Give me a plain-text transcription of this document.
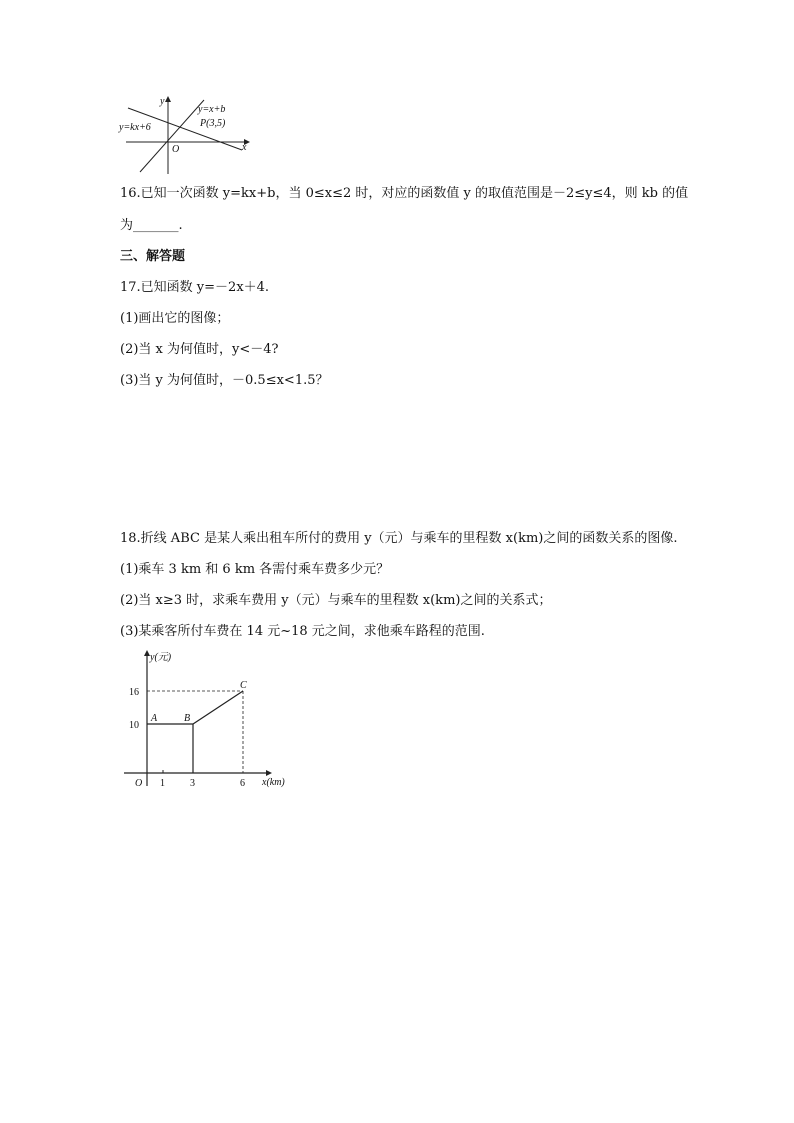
y
x
O
y=kx+6
y=x+b
P(3,5)
16.已知一次函数 y=kx+b，当 0≤x≤2 时，对应的函数值 y 的取值范围是－2≤y≤4，则 kb 的值
为_______.
三、解答题
17.已知函数 y=－2x＋4.
(1)画出它的图像；
(2)当 x 为何值时，y<－4?
(3)当 y 为何值时，－0.5≤x<1.5？
18.折线 ABC 是某人乘出租车所付的费用 y（元）与乘车的里程数 x(km)之间的函数关系的图像.
(1)乘车 3 km 和 6 km 各需付乘车费多少元？
(2)当 x≥3 时，求乘车费用 y（元）与乘车的里程数 x(km)之间的关系式；
(3)某乘客所付车费在 14 元~18 元之间，求他乘车路程的范围.
y(元)
x(km)
O
16
10
1	3	6
A	B
C
